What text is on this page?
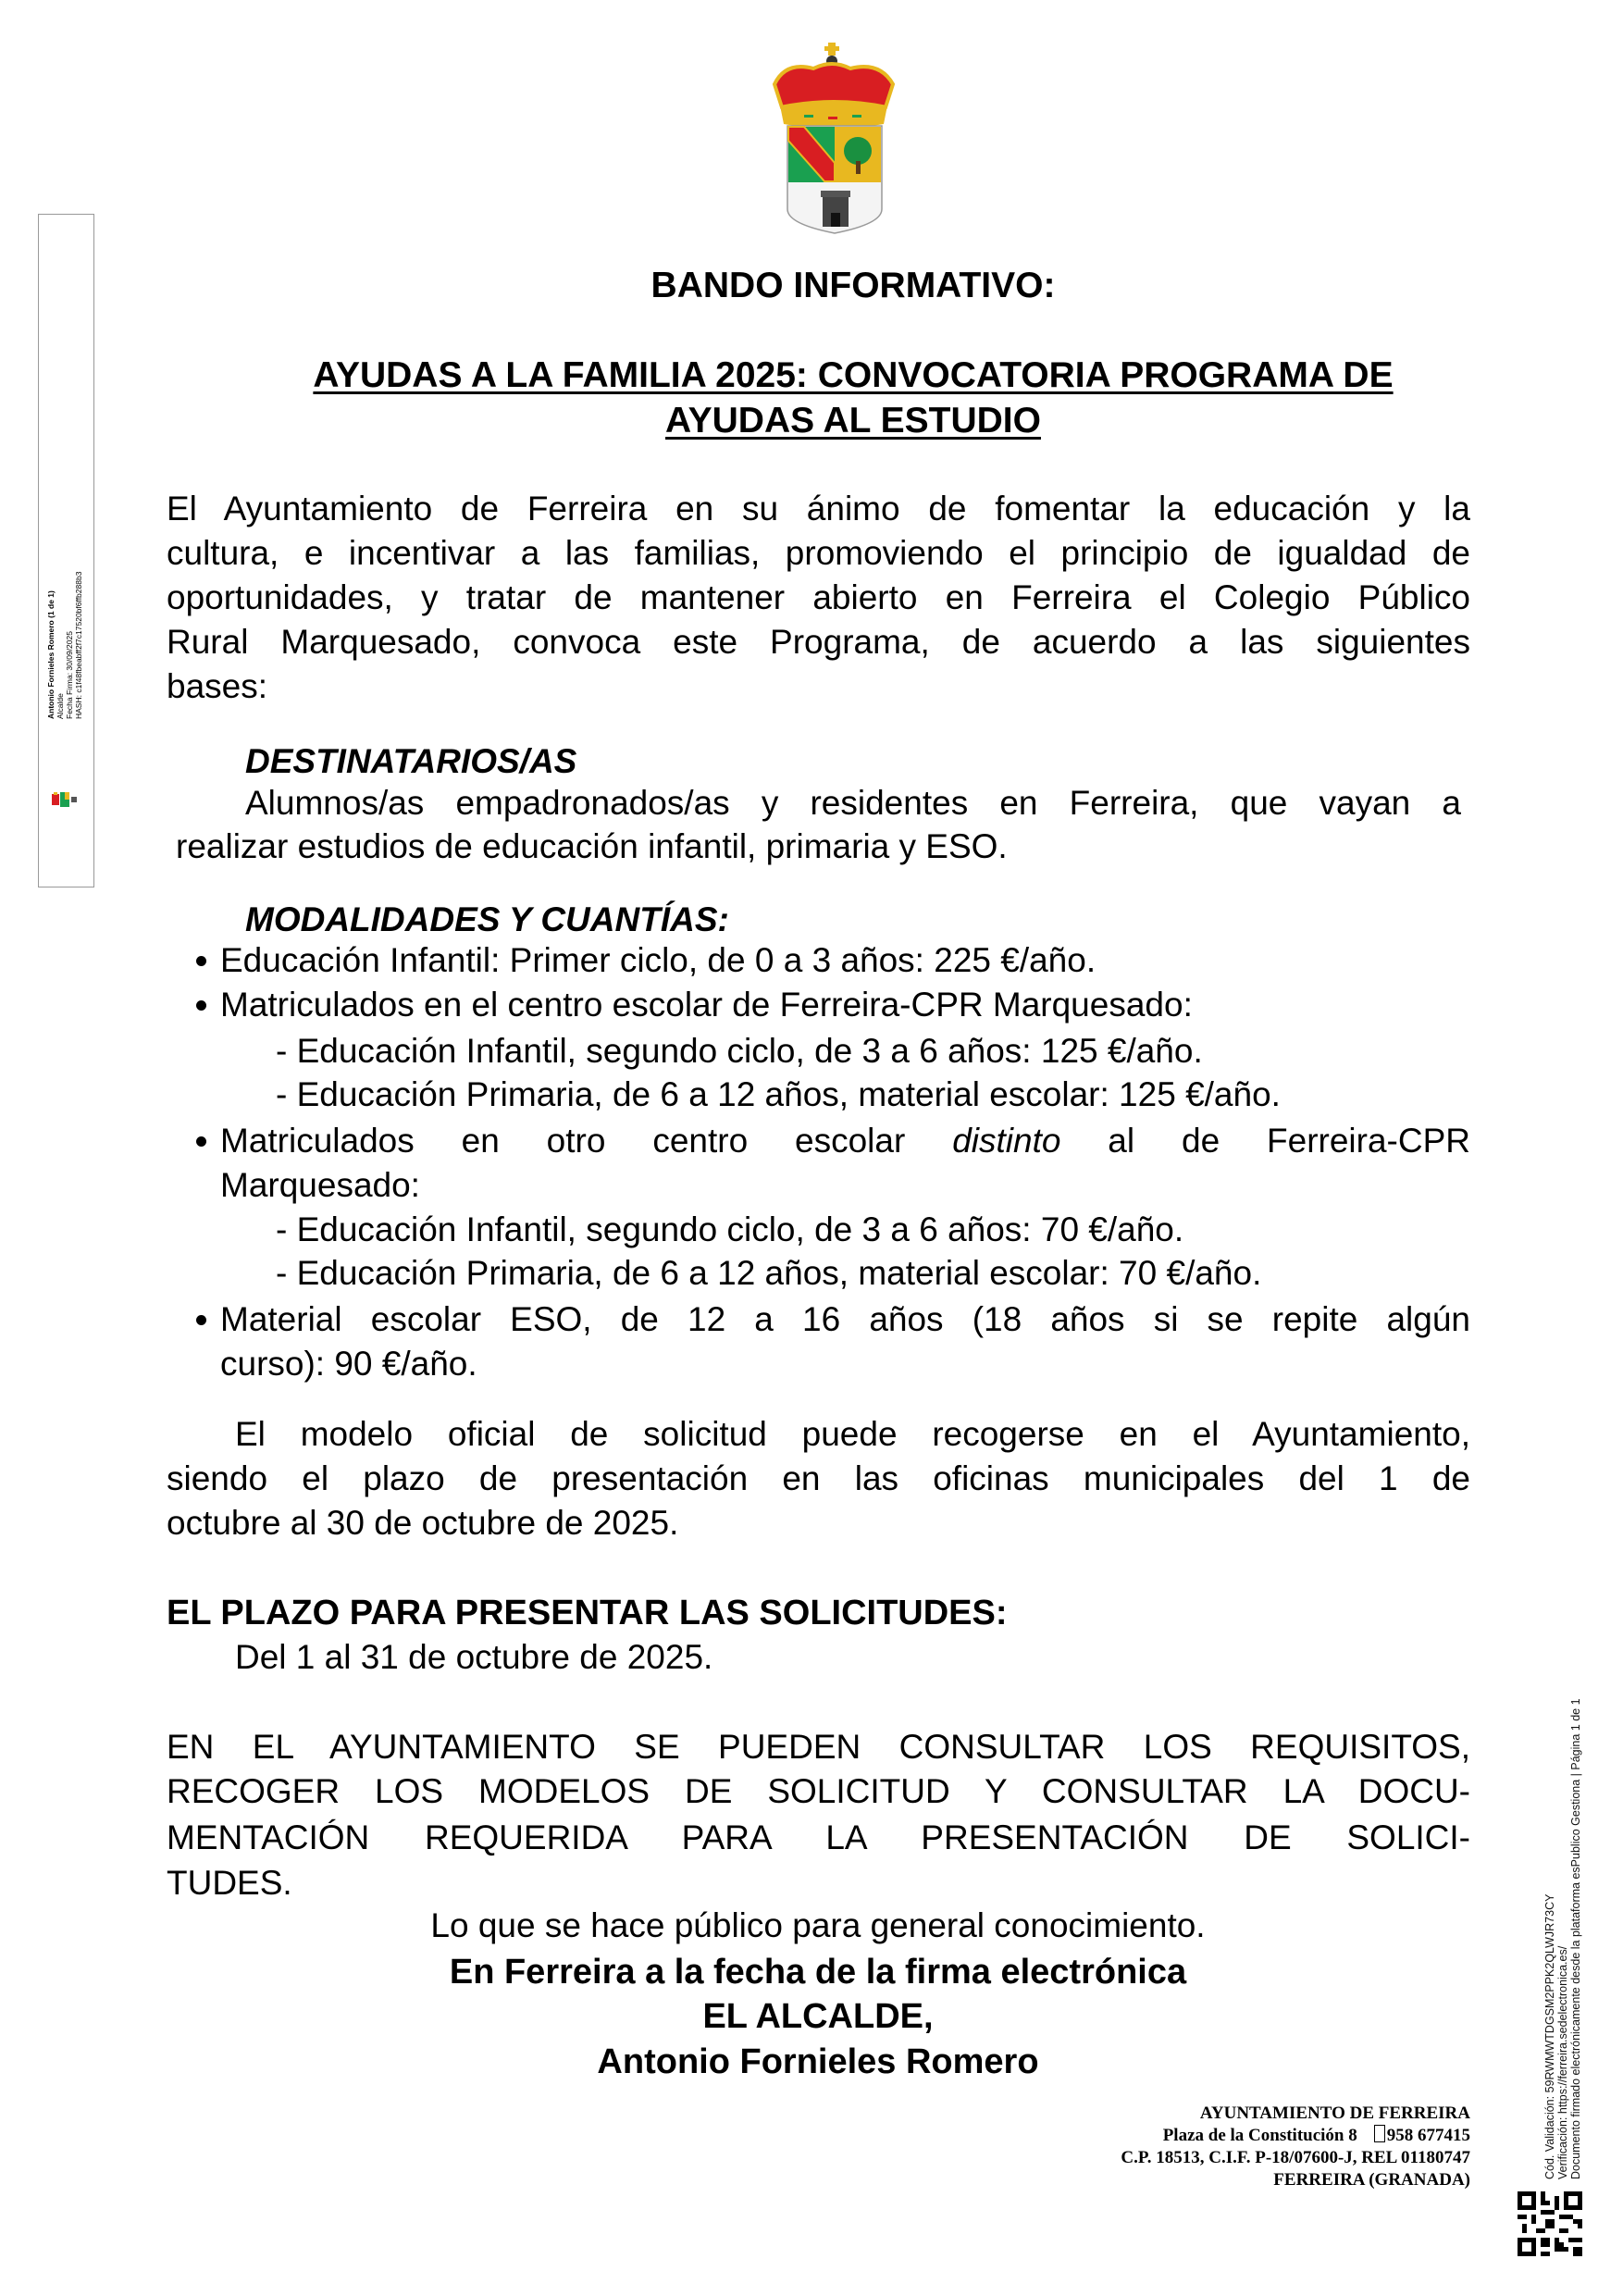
BANDO INFORMATIVO:
AYUDAS A LA FAMILIA 2025: CONVOCATORIA PROGRAMA DE
AYUDAS AL ESTUDIO
El Ayuntamiento de Ferreira en su ánimo de fomentar la educación y la
cultura, e incentivar a las familias, promoviendo el principio de igualdad de
oportunidades, y tratar de mantener abierto en Ferreira el Colegio Público
Rural Marquesado, convoca este Programa, de acuerdo a las siguientes
bases:
DESTINATARIOS/AS
Alumnos/as empadronados/as y residentes en Ferreira, que vayan a
realizar estudios de educación infantil, primaria y ESO.
MODALIDADES Y CUANTÍAS:
Educación Infantil: Primer ciclo, de 0 a 3 años: 225 €/año.
Matriculados en el centro escolar de Ferreira-CPR Marquesado:
- Educación Infantil, segundo ciclo, de 3 a 6 años: 125 €/año.
- Educación Primaria, de 6 a 12 años, material escolar: 125 €/año.
Matriculados en otro centro escolar distinto al de Ferreira-CPR
Marquesado:
- Educación Infantil, segundo ciclo, de 3 a 6 años: 70 €/año.
- Educación Primaria, de 6 a 12 años, material escolar: 70 €/año.
Material escolar ESO, de 12 a 16 años (18 años si se repite algún
curso): 90 €/año.
El modelo oficial de solicitud puede recogerse en el Ayuntamiento,
siendo el plazo de presentación en las oficinas municipales del 1 de
octubre al 30 de octubre de 2025.
EL PLAZO PARA PRESENTAR LAS SOLICITUDES:
Del 1 al 31 de octubre de 2025.
EN EL AYUNTAMIENTO SE PUEDEN CONSULTAR LOS REQUISITOS,
RECOGER LOS MODELOS DE SOLICITUD Y CONSULTAR LA DOCU-
MENTACIÓN REQUERIDA PARA LA PRESENTACIÓN DE SOLICI-
TUDES.
Lo que se hace público para general conocimiento.
En Ferreira a la fecha de la firma electrónica
EL ALCALDE,
Antonio Fornieles Romero
AYUNTAMIENTO DE FERREIRA
Plaza de la Constitución 8 958 677415
C.P. 18513, C.I.F. P-18/07600-J, REL 01180747
FERREIRA (GRANADA)
Antonio Fornieles Romero (1 de 1) Alcalde Fecha Firma: 30/09/2025 HASH: c1f48fbeabff2f7c17520bf6ffb288b3
Cód. Validación: 59RWMWTDGSM2PPK2QLWJR73CY Verificación: https://ferreira.sedelectronica.es/ Documento firmado electrónicamente desde la plataforma esPublico Gestiona | Página 1 de 1
